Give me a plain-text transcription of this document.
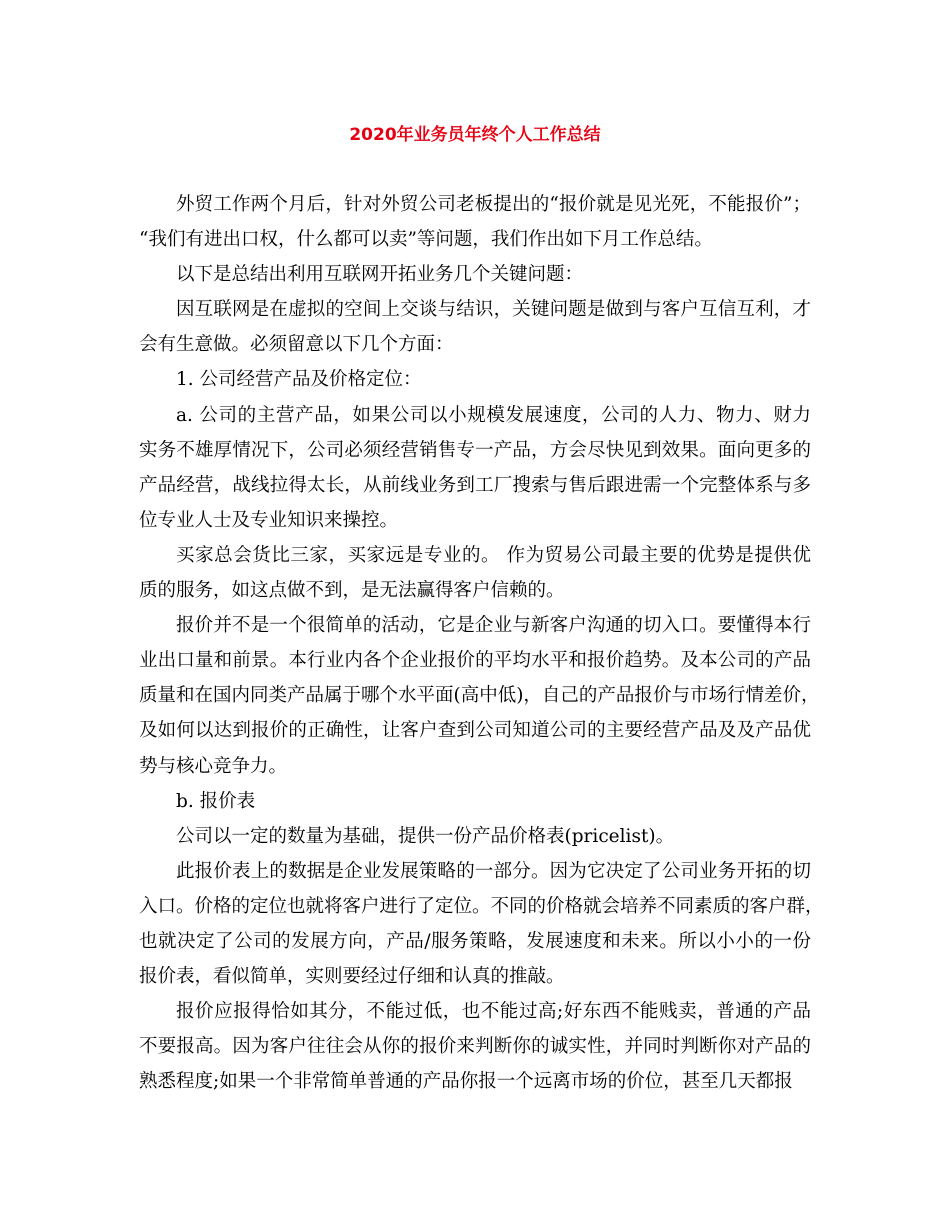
2020年业务员年终个人工作总结
外贸工作两个月后，针对外贸公司老板提出的“报价就是见光死，不能报价”；
“我们有进出口权，什么都可以卖”等问题，我们作出如下月工作总结。
以下是总结出利用互联网开拓业务几个关键问题：
因互联网是在虚拟的空间上交谈与结识，关键问题是做到与客户互信互利，才
会有生意做。必须留意以下几个方面：
1. 公司经营产品及价格定位：
a. 公司的主营产品，如果公司以小规模发展速度，公司的人力、物力、财力
实务不雄厚情况下，公司必须经营销售专一产品，方会尽快见到效果。面向更多的
产品经营，战线拉得太长，从前线业务到工厂搜索与售后跟进需一个完整体系与多
位专业人士及专业知识来操控。
买家总会货比三家，买家远是专业的。 作为贸易公司最主要的优势是提供优
质的服务，如这点做不到，是无法赢得客户信赖的。
报价并不是一个很简单的活动，它是企业与新客户沟通的切入口。要懂得本行
业出口量和前景。本行业内各个企业报价的平均水平和报价趋势。及本公司的产品
质量和在国内同类产品属于哪个水平面(高中低)，自己的产品报价与市场行情差价，
及如何以达到报价的正确性，让客户查到公司知道公司的主要经营产品及及产品优
势与核心竞争力。
b. 报价表
公司以一定的数量为基础，提供一份产品价格表(pricelist)。
此报价表上的数据是企业发展策略的一部分。因为它决定了公司业务开拓的切
入口。价格的定位也就将客户进行了定位。不同的价格就会培养不同素质的客户群，
也就决定了公司的发展方向，产品/服务策略，发展速度和未来。所以小小的一份
报价表，看似简单，实则要经过仔细和认真的推敲。
报价应报得恰如其分，不能过低，也不能过高;好东西不能贱卖，普通的产品
不要报高。因为客户往往会从你的报价来判断你的诚实性，并同时判断你对产品的
熟悉程度;如果一个非常简单普通的产品你报一个远离市场的价位，甚至几天都报
